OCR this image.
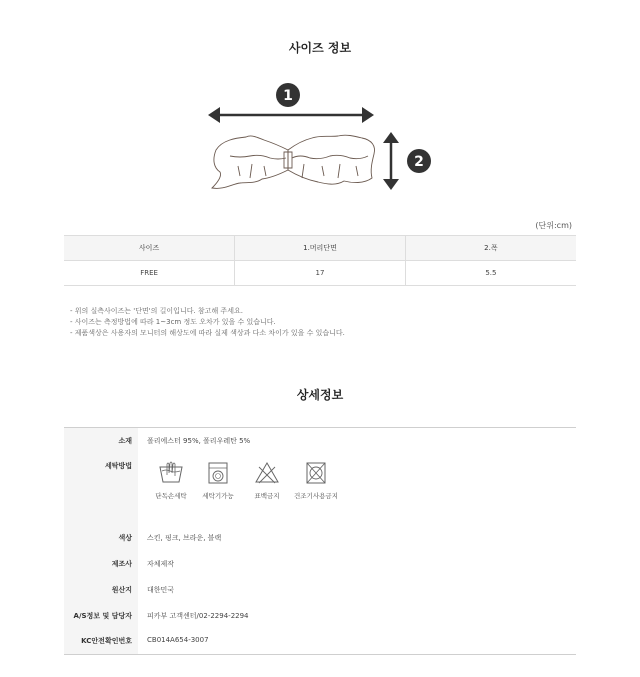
사이즈 정보
1
2
(단위:cm)
사이즈	1.머리단면	2.폭
FREE	17	5.5
- 위의 실측사이즈는 '단면'의 길이입니다. 참고해 주세요.
- 사이즈는 측정방법에 따라 1~3cm 정도 오차가 있을 수 있습니다.
- 제품색상은 사용자의 모니터의 해상도에 따라 실제 색상과 다소 차이가 있을 수 있습니다.
상세정보
소재 폴리에스터 95%, 폴리우레탄 5%
세탁방법
단독손세탁	세탁기가능	표백금지	건조기사용금지
색상 스킨, 핑크, 브라운, 블랙
제조사 자체제작
원산지 대한민국
A/S정보 및 담당자 피카부 고객센터/02-2294-2294
KC안전확인번호 CB014A654-3007
